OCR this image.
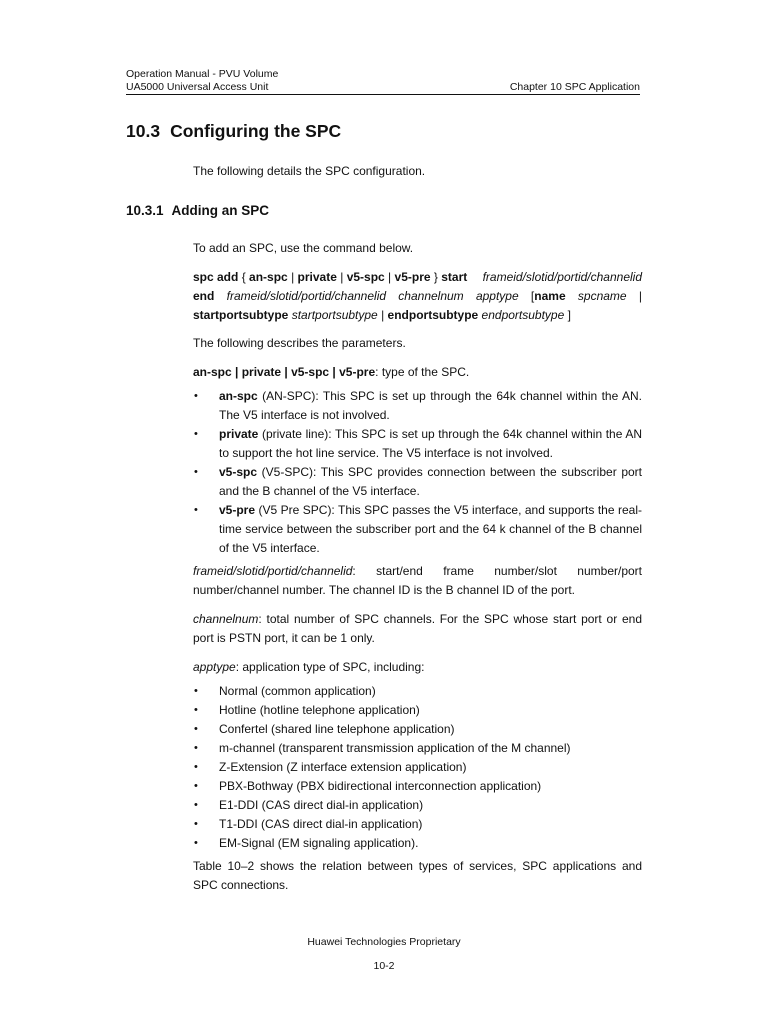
Operation Manual - PVU Volume
UA5000 Universal Access Unit	Chapter 10 SPC Application
10.3 Configuring the SPC
The following details the SPC configuration.
10.3.1 Adding an SPC
To add an SPC, use the command below.
spc add { an-spc | private | v5-spc | v5-pre } start frameid/slotid/portid/channelid
end frameid/slotid/portid/channelid channelnum apptype [name spcname |
startportsubtype startportsubtype | endportsubtype endportsubtype ]
The following describes the parameters.
an-spc | private | v5-spc | v5-pre: type of the SPC.
• an-spc (AN-SPC): This SPC is set up through the 64k channel within the AN. The V5 interface is not involved.
• private (private line): This SPC is set up through the 64k channel within the AN to support the hot line service. The V5 interface is not involved.
• v5-spc (V5-SPC): This SPC provides connection between the subscriber port and the B channel of the V5 interface.
• v5-pre (V5 Pre SPC): This SPC passes the V5 interface, and supports the real-time service between the subscriber port and the 64 k channel of the B channel of the V5 interface.
frameid/slotid/portid/channelid: start/end frame number/slot number/port number/channel number. The channel ID is the B channel ID of the port.
channelnum: total number of SPC channels. For the SPC whose start port or end port is PSTN port, it can be 1 only.
apptype: application type of SPC, including:
• Normal (common application)
• Hotline (hotline telephone application)
• Confertel (shared line telephone application)
• m-channel (transparent transmission application of the M channel)
• Z-Extension (Z interface extension application)
• PBX-Bothway (PBX bidirectional interconnection application)
• E1-DDI (CAS direct dial-in application)
• T1-DDI (CAS direct dial-in application)
• EM-Signal (EM signaling application).
Table 10–2 shows the relation between types of services, SPC applications and SPC connections.
Huawei Technologies Proprietary
10-2
